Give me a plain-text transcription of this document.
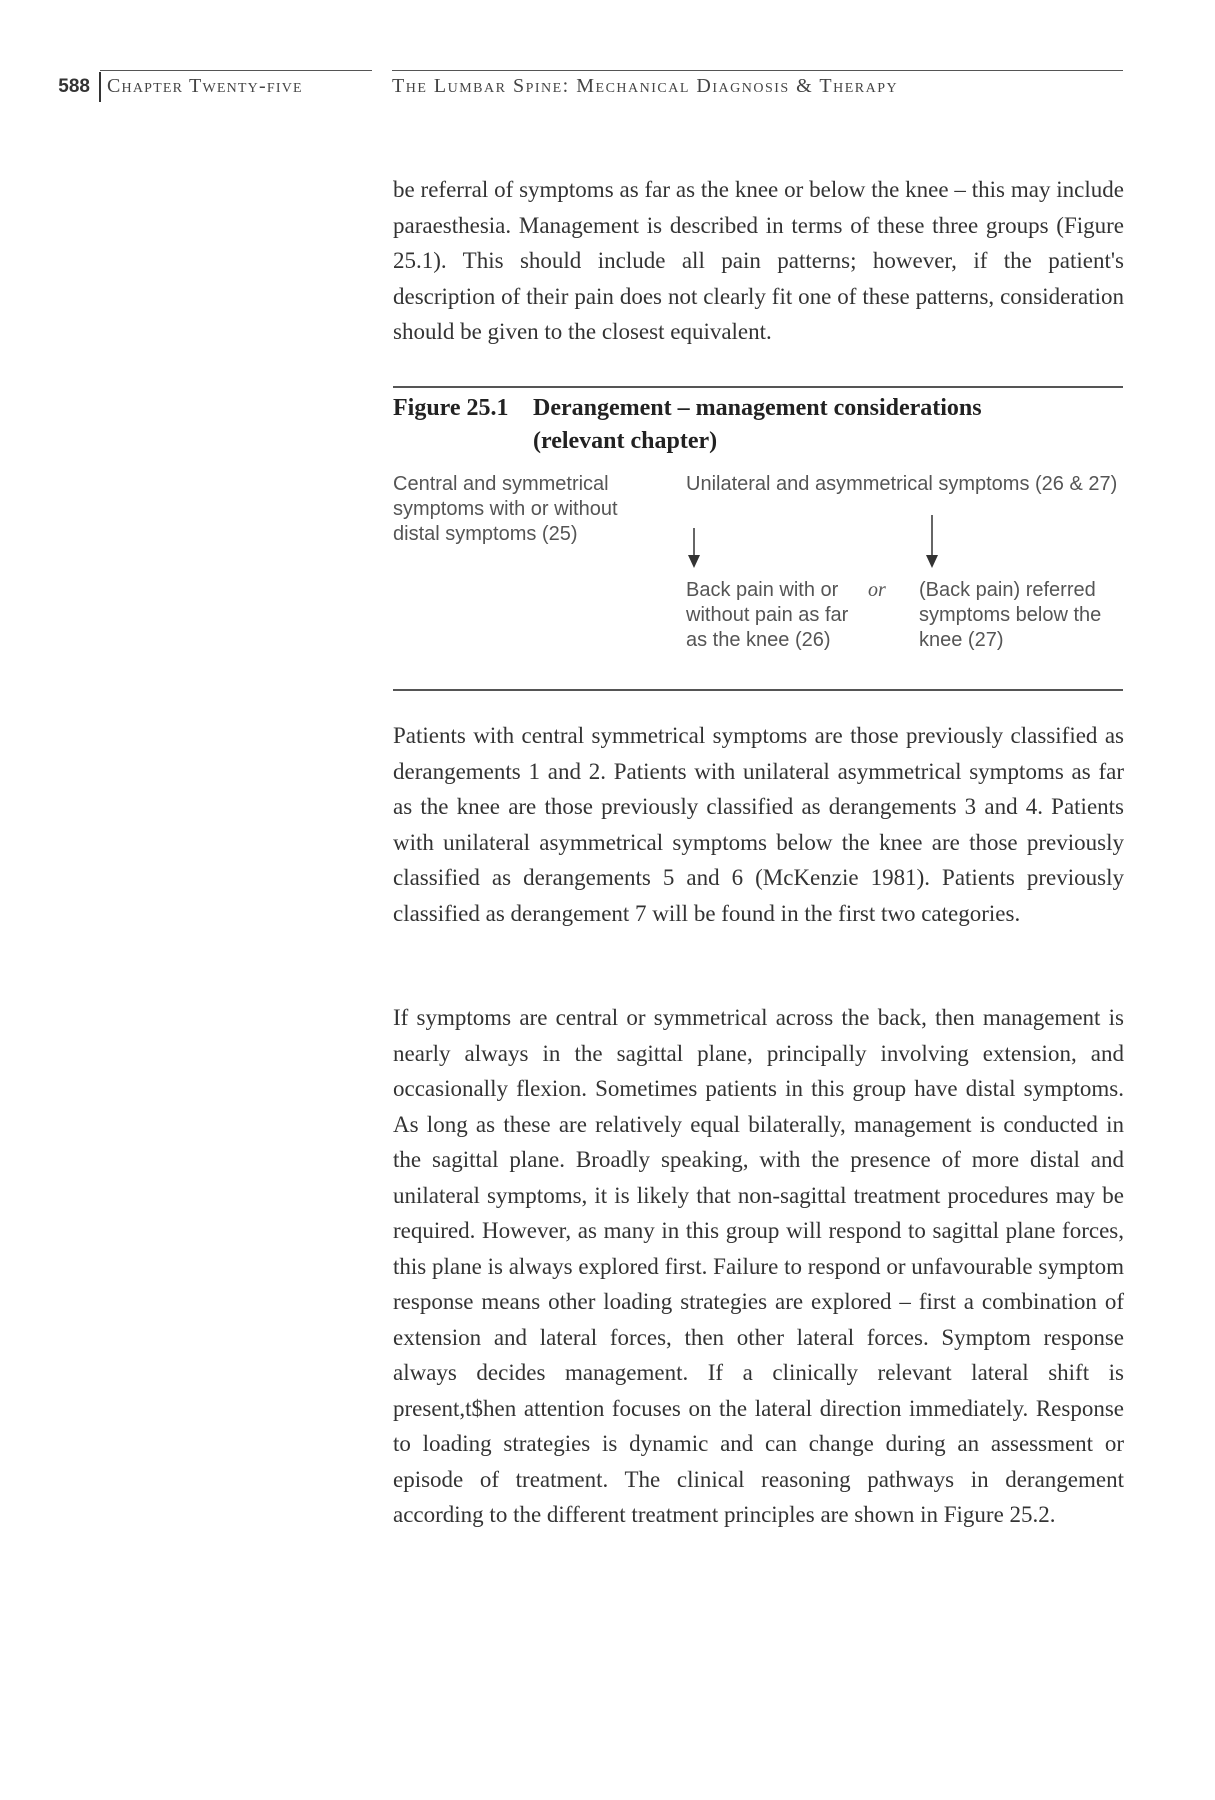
588 Chapter Twenty-five	The Lumbar Spine: Mechanical Diagnosis & Therapy

be referral of symptoms as far as the knee or below the knee – this may include paraesthesia. Management is described in terms of these three groups (Figure 25.1). This should include all pain patterns; however, if the patient's description of their pain does not clearly fit one of these patterns, consideration should be given to the closest equivalent.

Figure 25.1 Derangement – management considerations
(relevant chapter)
Central and symmetrical symptoms with or without distal symptoms (25)
Unilateral and asymmetrical symptoms (26 & 27)
Back pain with or without pain as far as the knee (26)
or (Back pain) referred symptoms below the knee (27)

Patients with central symmetrical symptoms are those previously classified as derangements 1 and 2. Patients with unilateral asymmetrical symptoms as far as the knee are those previously classified as derangements 3 and 4. Patients with unilateral asymmetrical symptoms below the knee are those previously classified as derangements 5 and 6 (McKenzie 1981). Patients previously classified as derangement 7 will be found in the first two categories.

If symptoms are central or symmetrical across the back, then management is nearly always in the sagittal plane, principally involving extension, and occasionally flexion. Sometimes patients in this group have distal symptoms. As long as these are relatively equal bilaterally, management is conducted in the sagittal plane. Broadly speaking, with the presence of more distal and unilateral symptoms, it is likely that non-sagittal treatment procedures may be required. However, as many in this group will respond to sagittal plane forces, this plane is always explored first. Failure to respond or unfavourable symptom response means other loading strategies are explored – first a combination of extension and lateral forces, then other lateral forces. Symptom response always decides management. If a clinically relevant lateral shift is present,t$hen attention focuses on the lateral direction immediately. Response to loading strategies is dynamic and can change during an assessment or episode of treatment. The clinical reasoning pathways in derangement according to the different treatment principles are shown in Figure 25.2.
